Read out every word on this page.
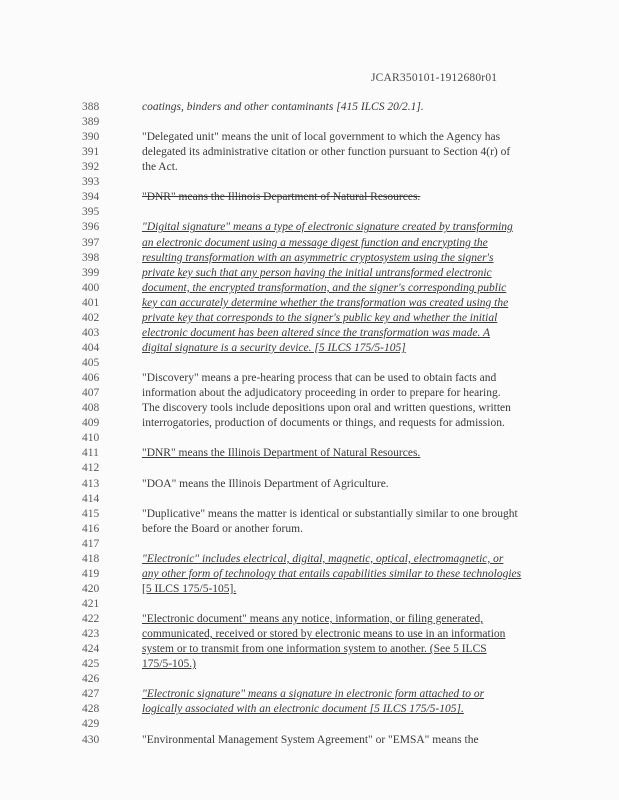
JCAR350101-1912680r01
388	coatings, binders and other contaminants [415 ILCS 20/2.1].
389
390	"Delegated unit" means the unit of local government to which the Agency has
391	delegated its administrative citation or other function pursuant to Section 4(r) of
392	the Act.
393
394	"DNR" means the Illinois Department of Natural Resources.
395
396	"Digital signature" means a type of electronic signature created by transforming
397	an electronic document using a message digest function and encrypting the
398	resulting transformation with an asymmetric cryptosystem using the signer's
399	private key such that any person having the initial untransformed electronic
400	document, the encrypted transformation, and the signer's corresponding public
401	key can accurately determine whether the transformation was created using the
402	private key that corresponds to the signer's public key and whether the initial
403	electronic document has been altered since the transformation was made. A
404	digital signature is a security device. [5 ILCS 175/5-105]
405
406	"Discovery" means a pre-hearing process that can be used to obtain facts and
407	information about the adjudicatory proceeding in order to prepare for hearing.
408	The discovery tools include depositions upon oral and written questions, written
409	interrogatories, production of documents or things, and requests for admission.
410
411	"DNR" means the Illinois Department of Natural Resources.
412
413	"DOA" means the Illinois Department of Agriculture.
414
415	"Duplicative" means the matter is identical or substantially similar to one brought
416	before the Board or another forum.
417
418	"Electronic" includes electrical, digital, magnetic, optical, electromagnetic, or
419	any other form of technology that entails capabilities similar to these technologies
420	[5 ILCS 175/5-105].
421
422	"Electronic document" means any notice, information, or filing generated,
423	communicated, received or stored by electronic means to use in an information
424	system or to transmit from one information system to another. (See 5 ILCS
425	175/5-105.)
426
427	"Electronic signature" means a signature in electronic form attached to or
428	logically associated with an electronic document [5 ILCS 175/5-105].
429
430	"Environmental Management System Agreement" or "EMSA" means the
